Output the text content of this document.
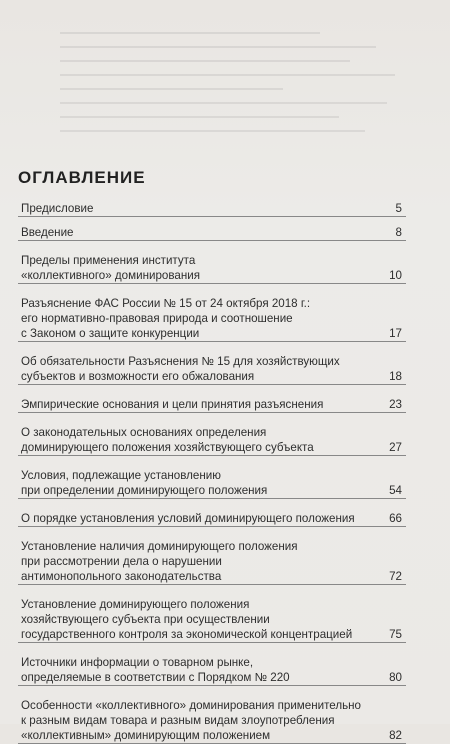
ОГЛАВЛЕНИЕ
Предисловие	5
Введение	8
Пределы применения института
«коллективного» доминирования	10
Разъяснение ФАС России № 15 от 24 октября 2018 г.:
его нормативно-правовая природа и соотношение
с Законом о защите конкуренции	17
Об обязательности Разъяснения № 15 для хозяйствующих
субъектов и возможности его обжалования	18
Эмпирические основания и цели принятия разъяснения	23
О законодательных основаниях определения
доминирующего положения хозяйствующего субъекта	27
Условия, подлежащие установлению
при определении доминирующего положения	54
О порядке установления условий доминирующего положения	66
Установление наличия доминирующего положения
при рассмотрении дела о нарушении
антимонопольного законодательства	72
Установление доминирующего положения
хозяйствующего субъекта при осуществлении
государственного контроля за экономической концентрацией	75
Источники информации о товарном рынке,
определяемые в соответствии с Порядком № 220	80
Особенности «коллективного» доминирования применительно
к разным видам товара и разным видам злоупотребления
«коллективным» доминирующим положением	82
